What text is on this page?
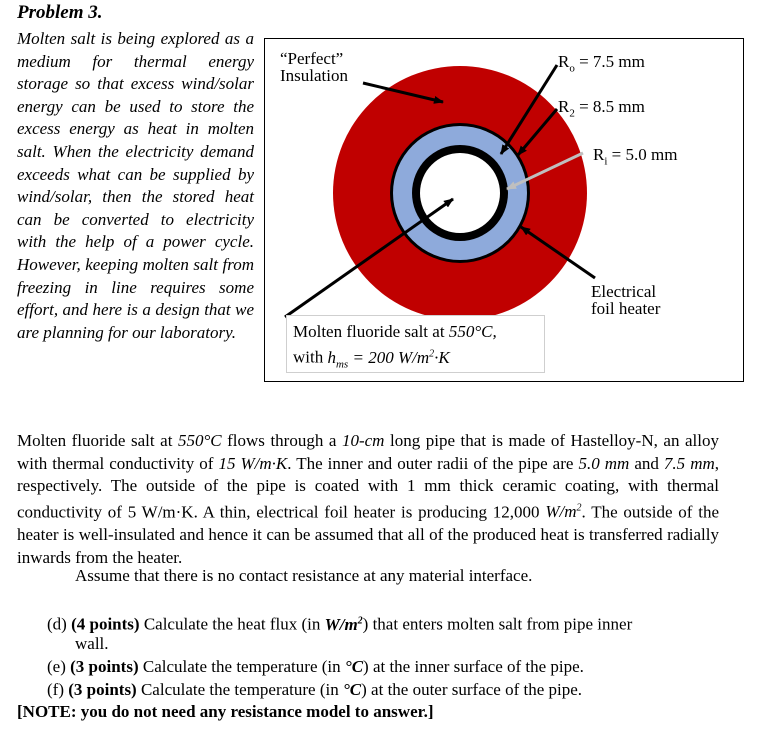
Problem 3.
Molten salt is being explored as a medium for thermal energy storage so that excess wind/solar energy can be used to store the excess energy as heat in molten salt. When the electricity demand exceeds what can be supplied by wind/solar, then the stored heat can be converted to electricity with the help of a power cycle. However, keeping molten salt from freezing in line requires some effort, and here is a design that we are planning for our laboratory.
“Perfect”
Insulation
$R_o = 7.5$ mm
$R_2 = 8.5$ mm
$R_i = 5.0$ mm
Electrical
foil heater
Molten fluoride salt at 550°C,
with $h_{ms} = 200$ $W/m^2\cdot K$
Molten fluoride salt at 550°C flows through a 10-cm long pipe that is made of Hastelloy-N, an alloy with thermal conductivity of 15 W/m·K. The inner and outer radii of the pipe are 5.0 mm and 7.5 mm, respectively. The outside of the pipe is coated with 1 mm thick ceramic coating, with thermal conductivity of 5 W/m·K. A thin, electrical foil heater is producing 12,000 $W/m^2$. The outside of the heater is well-insulated and hence it can be assumed that all of the produced heat is transferred radially inwards from the heater.
Assume that there is no contact resistance at any material interface.
(d) (4 points) Calculate the heat flux (in $W/m^2$) that enters molten salt from pipe inner
wall.
(e) (3 points) Calculate the temperature (in °C) at the inner surface of the pipe.
(f) (3 points) Calculate the temperature (in °C) at the outer surface of the pipe.
[NOTE: you do not need any resistance model to answer.]
